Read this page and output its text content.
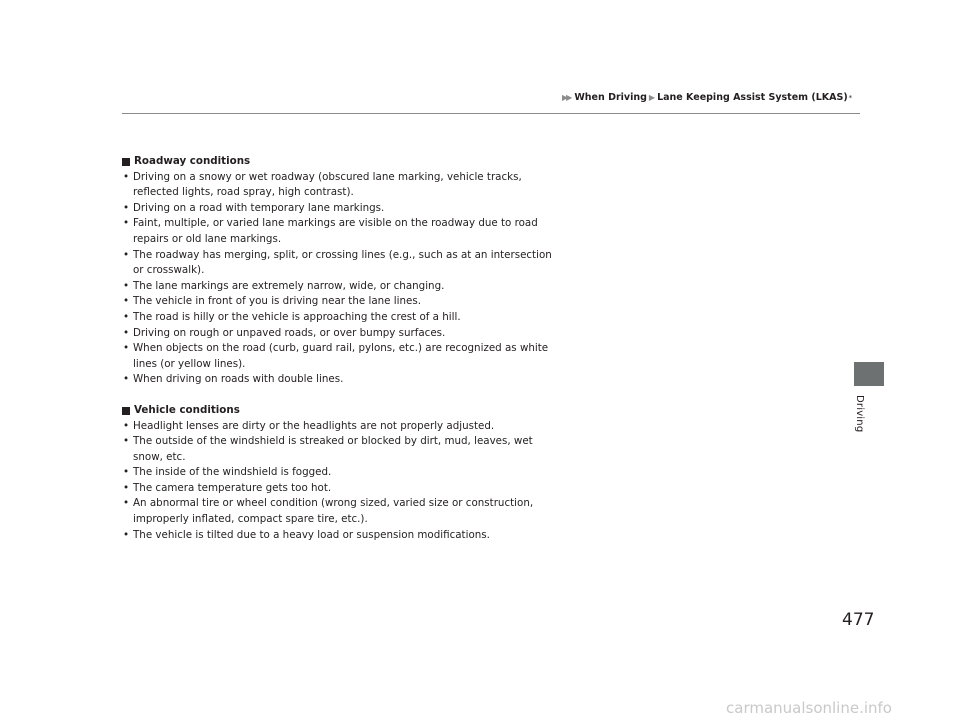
▶▶ When Driving ▶ Lane Keeping Assist System (LKAS) *
Driving
Roadway conditions
• Driving on a snowy or wet roadway (obscured lane marking, vehicle tracks, reflected lights, road spray, high contrast).
• Driving on a road with temporary lane markings.
• Faint, multiple, or varied lane markings are visible on the roadway due to road repairs or old lane markings.
• The roadway has merging, split, or crossing lines (e.g., such as at an intersection or crosswalk).
• The lane markings are extremely narrow, wide, or changing.
• The vehicle in front of you is driving near the lane lines.
• The road is hilly or the vehicle is approaching the crest of a hill.
• Driving on rough or unpaved roads, or over bumpy surfaces.
• When objects on the road (curb, guard rail, pylons, etc.) are recognized as white lines (or yellow lines).
• When driving on roads with double lines.
Vehicle conditions
• Headlight lenses are dirty or the headlights are not properly adjusted.
• The outside of the windshield is streaked or blocked by dirt, mud, leaves, wet snow, etc.
• The inside of the windshield is fogged.
• The camera temperature gets too hot.
• An abnormal tire or wheel condition (wrong sized, varied size or construction, improperly inflated, compact spare tire, etc.).
• The vehicle is tilted due to a heavy load or suspension modifications.
477
carmanualsonline.info
